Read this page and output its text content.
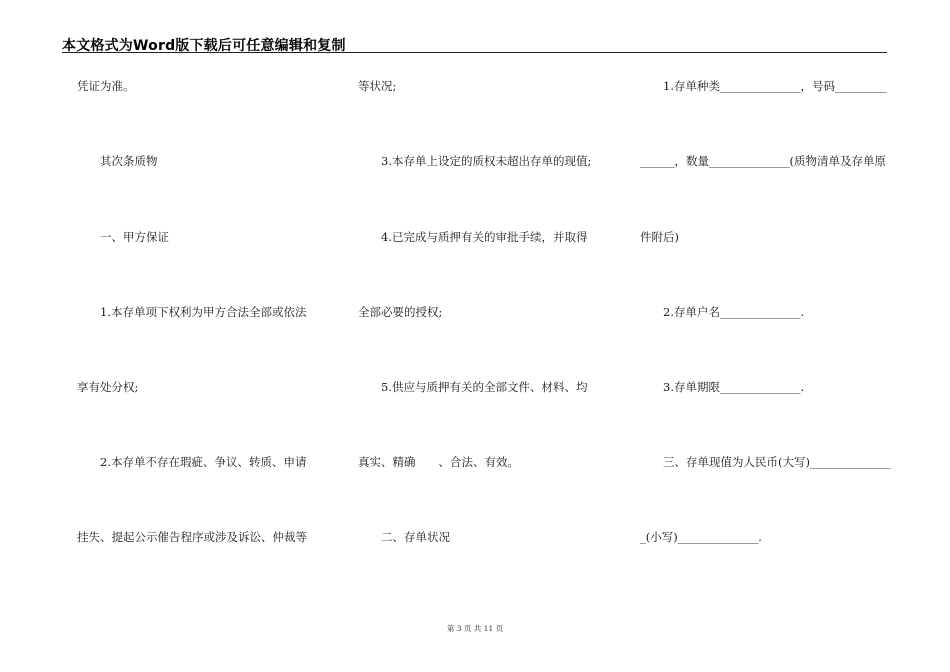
本文格式为Word版下载后可任意编辑和复制
凭证为准。
其次条质物
一、甲方保证
1.本存单项下权利为甲方合法全部或依法
享有处分权;
2.本存单不存在瑕疵、争议、转质、申请
挂失、提起公示催告程序或涉及诉讼、仲裁等
等状况;
3.本存单上设定的质权未超出存单的现值;
4.已完成与质押有关的审批手续，并取得
全部必要的授权;
5.供应与质押有关的全部文件、材料、均
真实、精确　　、合法、有效。
二、存单状况
1.存单种类______________，号码_________
______，数量______________(质物清单及存单原
件附后)
2.存单户名______________.
3.存单期限______________.
三、存单现值为人民币(大写)______________
_(小写)______________.
第 3 页 共 11 页
